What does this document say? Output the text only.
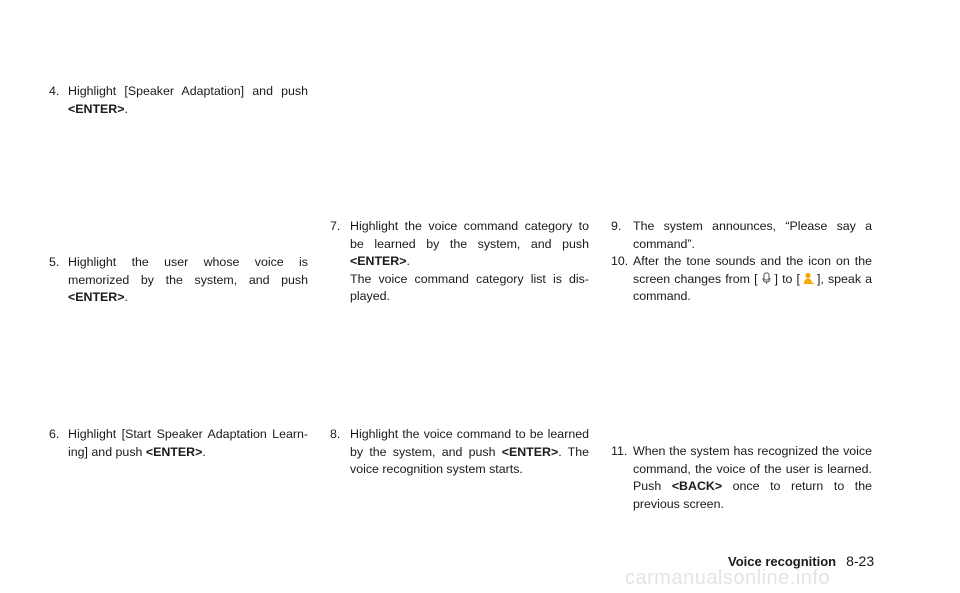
4. Highlight [Speaker Adaptation] and push <ENTER>.
5. Highlight the user whose voice is memorized by the system, and push <ENTER>.
6. Highlight [Start Speaker Adaptation Learn-ing] and push <ENTER>.
7. Highlight the voice command category to be learned by the system, and push <ENTER>.
The voice command category list is dis-played.
8. Highlight the voice command to be learned by the system, and push <ENTER>. The voice recognition system starts.
9. The system announces, “Please say a command”.
10. After the tone sounds and the icon on the screen changes from [ ] to [ ], speak a command.
11. When the system has recognized the voice command, the voice of the user is learned. Push <BACK> once to return to the previous screen.
Voice recognition 8-23
carmanualsonline.info
